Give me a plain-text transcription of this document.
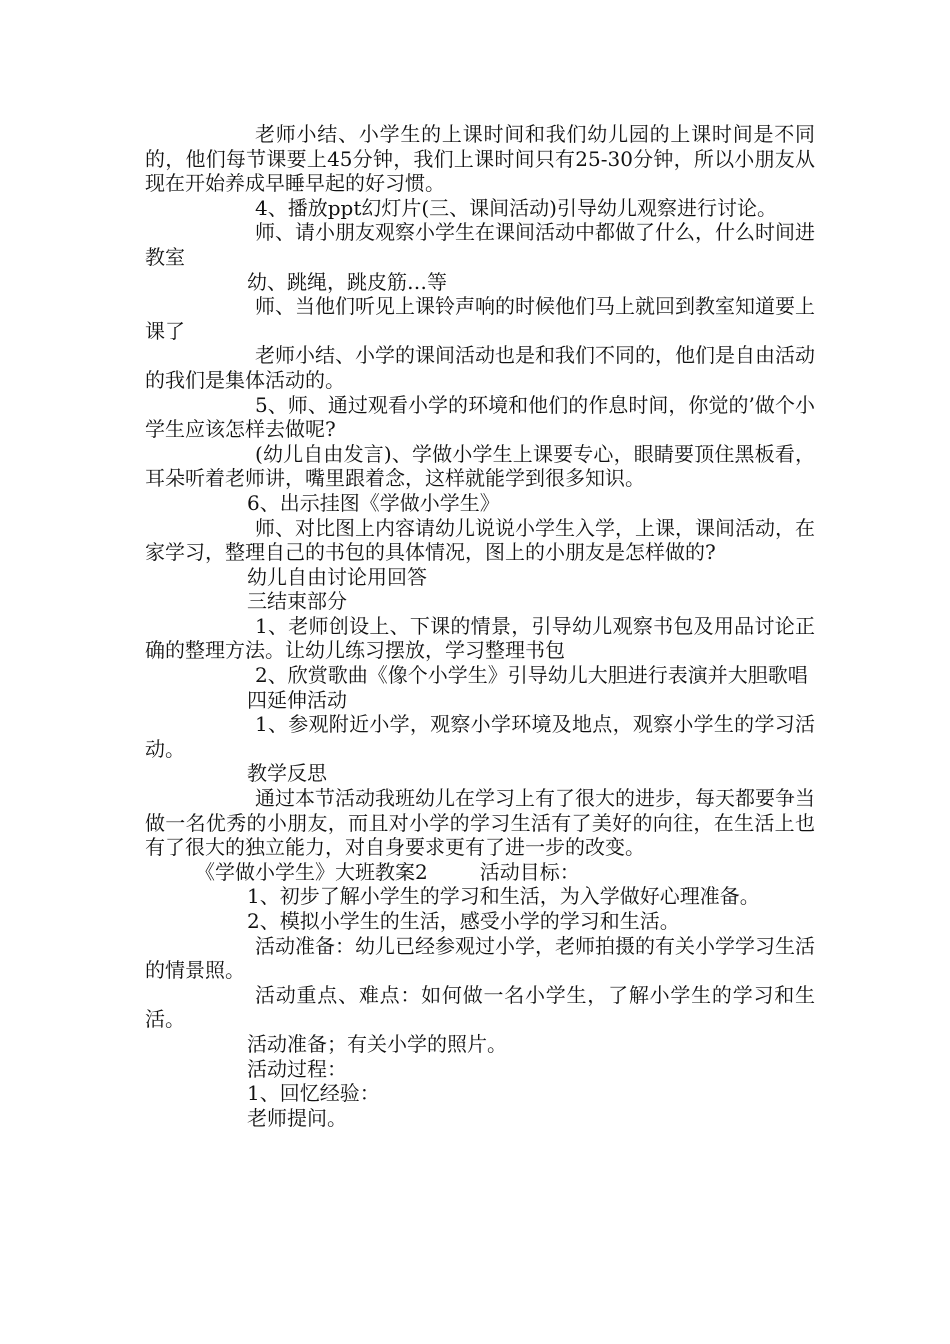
老师小结、小学生的上课时间和我们幼儿园的上课时间是不同的，他们每节课要上45分钟，我们上课时间只有25-30分钟，所以小朋友从现在开始养成早睡早起的好习惯。

4、播放ppt幻灯片(三、课间活动)引导幼儿观察进行讨论。

师、请小朋友观察小学生在课间活动中都做了什么，什么时间进教室

幼、跳绳，跳皮筋…等

师、当他们听见上课铃声响的时候他们马上就回到教室知道要上课了

老师小结、小学的课间活动也是和我们不同的，他们是自由活动的我们是集体活动的。

5、师、通过观看小学的环境和他们的作息时间，你觉的’做个小学生应该怎样去做呢?

(幼儿自由发言)、学做小学生上课要专心，眼睛要顶住黑板看，耳朵听着老师讲，嘴里跟着念，这样就能学到很多知识。

6、出示挂图《学做小学生》

师、对比图上内容请幼儿说说小学生入学，上课，课间活动，在家学习，整理自己的书包的具体情况，图上的小朋友是怎样做的?

幼儿自由讨论用回答

三结束部分

1、老师创设上、下课的情景，引导幼儿观察书包及用品讨论正确的整理方法。让幼儿练习摆放，学习整理书包

2、欣赏歌曲《像个小学生》引导幼儿大胆进行表演并大胆歌唱

四延伸活动

1、参观附近小学，观察小学环境及地点，观察小学生的学习活动。

教学反思

通过本节活动我班幼儿在学习上有了很大的进步，每天都要争当做一名优秀的小朋友，而且对小学的学习生活有了美好的向往，在生活上也有了很大的独立能力，对自身要求更有了进一步的改变。

《学做小学生》大班教案2	活动目标：

1、初步了解小学生的学习和生活，为入学做好心理准备。

2、模拟小学生的生活，感受小学的学习和生活。

活动准备：幼儿已经参观过小学，老师拍摄的有关小学学习生活的情景照。

活动重点、难点：如何做一名小学生，了解小学生的学习和生活。

活动准备；有关小学的照片。

活动过程：

1、回忆经验：

老师提问。
